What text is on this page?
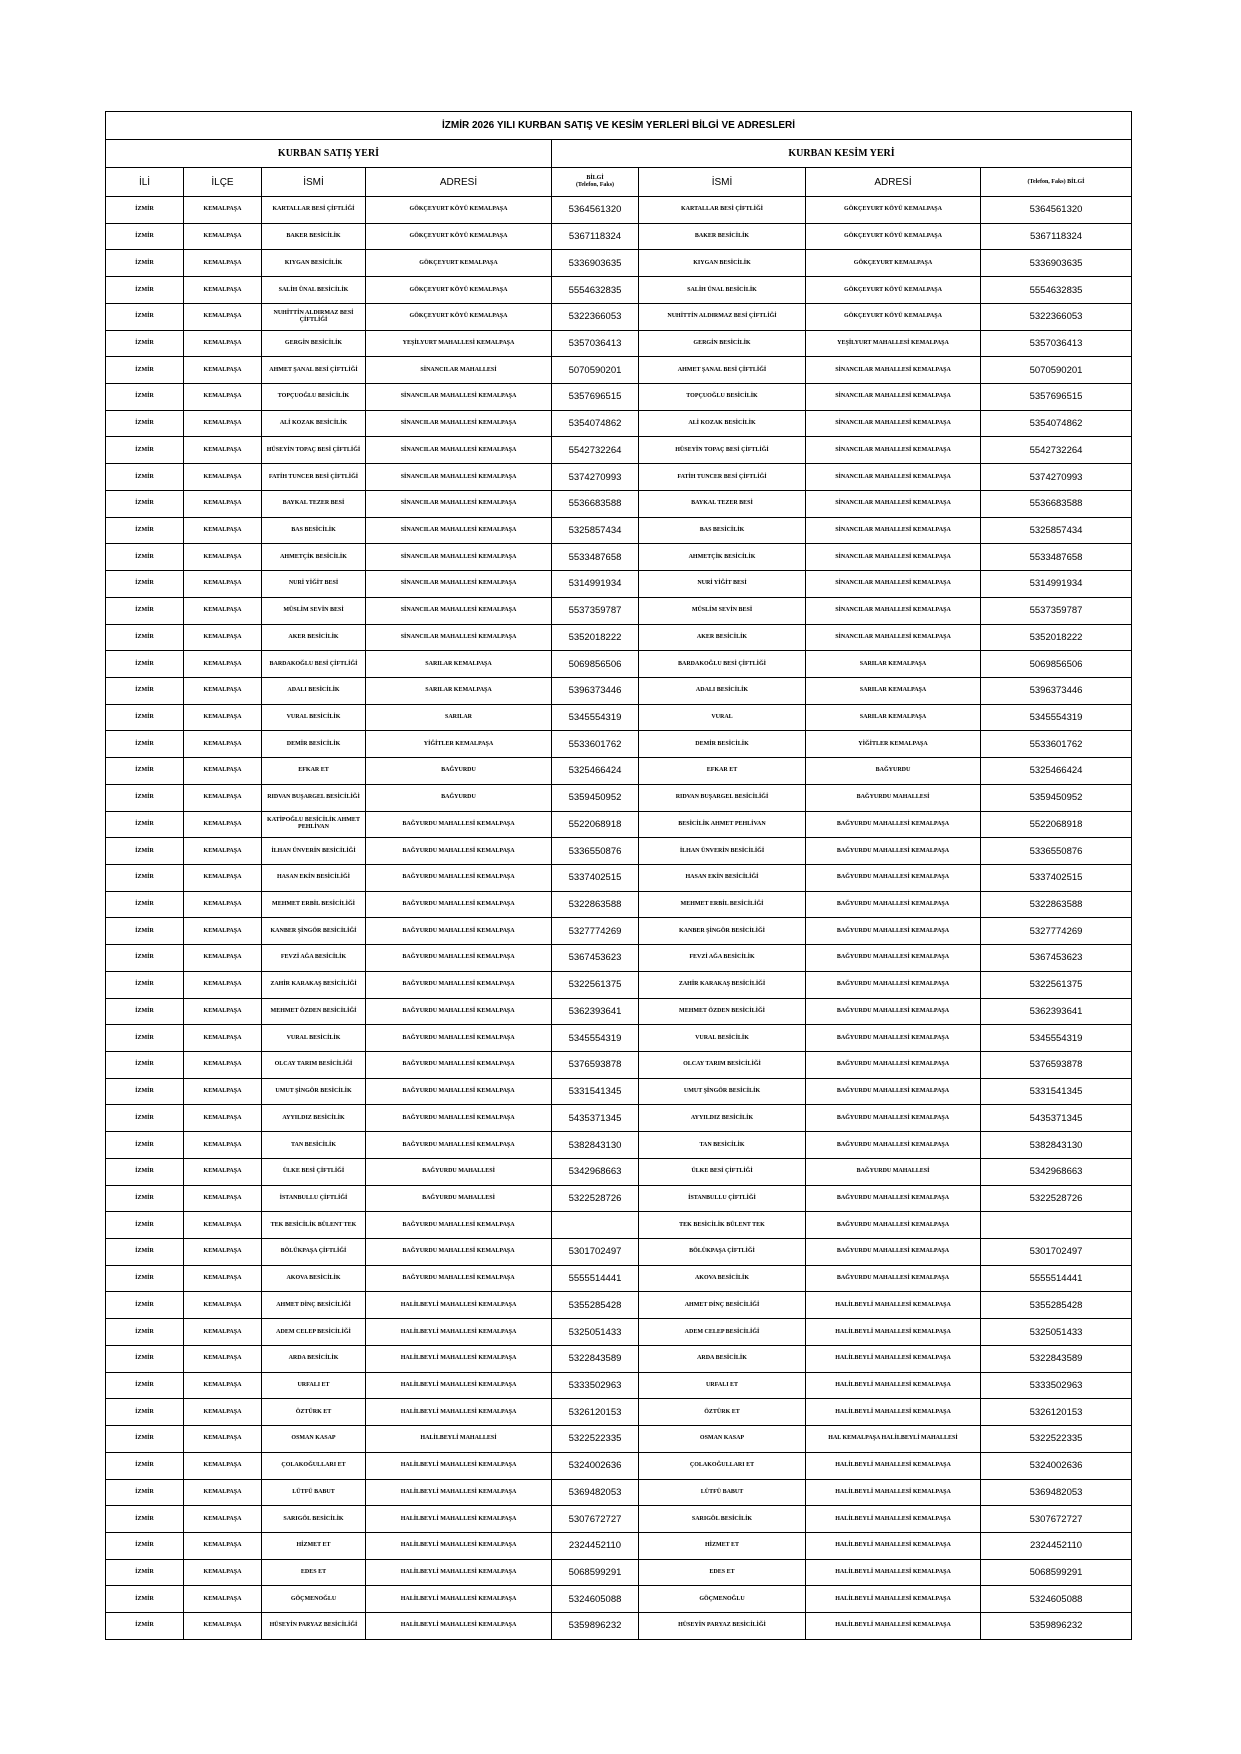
İZMİR 2026 YILI KURBAN SATIŞ VE KESİM YERLERİ BİLGİ VE ADRESLERİ							
KURBAN SATIŞ YERİ				KURBAN KESİM YERİ			
İLİ	İLÇE	İSMİ	ADRESİ	BİLGİ
(Telefon, Faks)	İSMİ	ADRESİ	(Telefon, Faks) BİLGİ
İZMİR	KEMALPAŞA	KARTALLAR BESİ ÇİFTLİĞİ	GÖKÇEYURT KÖYÜ KEMALPAŞA	5364561320	KARTALLAR BESİ ÇİFTLİĞİ	GÖKÇEYURT KÖYÜ KEMALPAŞA	5364561320
İZMİR	KEMALPAŞA	BAKER BESİCİLİK	GÖKÇEYURT KÖYÜ KEMALPAŞA	5367118324	BAKER BESİCİLİK	GÖKÇEYURT KÖYÜ KEMALPAŞA	5367118324
İZMİR	KEMALPAŞA	KIYGAN BESİCİLİK	GÖKÇEYURT KEMALPAŞA	5336903635	KIYGAN BESİCİLİK	GÖKÇEYURT KEMALPAŞA	5336903635
İZMİR	KEMALPAŞA	SALİH ÜNAL BESİCİLİK	GÖKÇEYURT KÖYÜ KEMALPAŞA	5554632835	SALİH ÜNAL BESİCİLİK	GÖKÇEYURT KÖYÜ KEMALPAŞA	5554632835
İZMİR	KEMALPAŞA	NUHİTTİN ALDIRMAZ BESİ ÇİFTLİĞİ	GÖKÇEYURT KÖYÜ KEMALPAŞA	5322366053	NUHİTTİN ALDIRMAZ BESİ ÇİFTLİĞİ	GÖKÇEYURT KÖYÜ KEMALPAŞA	5322366053
İZMİR	KEMALPAŞA	GERGİN BESİCİLİK	YEŞİLYURT MAHALLESİ KEMALPAŞA	5357036413	GERGİN BESİCİLİK	YEŞİLYURT MAHALLESİ KEMALPAŞA	5357036413
İZMİR	KEMALPAŞA	AHMET ŞANAL BESİ ÇİFTLİĞİ	SİNANCILAR MAHALLESİ	5070590201	AHMET ŞANAL BESİ ÇİFTLİĞİ	SİNANCILAR MAHALLESİ KEMALPAŞA	5070590201
İZMİR	KEMALPAŞA	TOPÇUOĞLU BESİCİLİK	SİNANCILAR MAHALLESİ KEMALPAŞA	5357696515	TOPÇUOĞLU BESİCİLİK	SİNANCILAR MAHALLESİ KEMALPAŞA	5357696515
İZMİR	KEMALPAŞA	ALİ KOZAK BESİCİLİK	SİNANCILAR MAHALLESİ KEMALPAŞA	5354074862	ALİ KOZAK BESİCİLİK	SİNANCILAR MAHALLESİ KEMALPAŞA	5354074862
İZMİR	KEMALPAŞA	HÜSEYİN TOPAÇ BESİ ÇİFTLİĞİ	SİNANCILAR MAHALLESİ KEMALPAŞA	5542732264	HÜSEYİN TOPAÇ BESİ ÇİFTLİĞİ	SİNANCILAR MAHALLESİ KEMALPAŞA	5542732264
İZMİR	KEMALPAŞA	FATİH TUNCER BESİ ÇİFTLİĞİ	SİNANCILAR MAHALLESİ KEMALPAŞA	5374270993	FATİH TUNCER BESİ ÇİFTLİĞİ	SİNANCILAR MAHALLESİ KEMALPAŞA	5374270993
İZMİR	KEMALPAŞA	BAYKAL TEZER BESİ	SİNANCILAR MAHALLESİ KEMALPAŞA	5536683588	BAYKAL TEZER BESİ	SİNANCILAR MAHALLESİ KEMALPAŞA	5536683588
İZMİR	KEMALPAŞA	BAS BESİCİLİK	SİNANCILAR MAHALLESİ KEMALPAŞA	5325857434	BAS BESİCİLİK	SİNANCILAR MAHALLESİ KEMALPAŞA	5325857434
İZMİR	KEMALPAŞA	AHMETÇİK BESİCİLİK	SİNANCILAR MAHALLESİ KEMALPAŞA	5533487658	AHMETÇİK BESİCİLİK	SİNANCILAR MAHALLESİ KEMALPAŞA	5533487658
İZMİR	KEMALPAŞA	NURİ YİĞİT BESİ	SİNANCILAR MAHALLESİ KEMALPAŞA	5314991934	NURİ YİĞİT BESİ	SİNANCILAR MAHALLESİ KEMALPAŞA	5314991934
İZMİR	KEMALPAŞA	MÜSLİM SEVİN BESİ	SİNANCILAR MAHALLESİ KEMALPAŞA	5537359787	MÜSLİM SEVİN BESİ	SİNANCILAR MAHALLESİ KEMALPAŞA	5537359787
İZMİR	KEMALPAŞA	AKER BESİCİLİK	SİNANCILAR MAHALLESİ KEMALPAŞA	5352018222	AKER BESİCİLİK	SİNANCILAR MAHALLESİ KEMALPAŞA	5352018222
İZMİR	KEMALPAŞA	BARDAKOĞLU BESİ ÇİFTLİĞİ	SARILAR KEMALPAŞA	5069856506	BARDAKOĞLU BESİ ÇİFTLİĞİ	SARILAR KEMALPAŞA	5069856506
İZMİR	KEMALPAŞA	ADALI BESİCİLİK	SARILAR KEMALPAŞA	5396373446	ADALI BESİCİLİK	SARILAR KEMALPAŞA	5396373446
İZMİR	KEMALPAŞA	VURAL BESİCİLİK	SARILAR	5345554319	VURAL	SARILAR KEMALPAŞA	5345554319
İZMİR	KEMALPAŞA	DEMİR BESİCİLİK	YİĞİTLER KEMALPAŞA	5533601762	DEMİR BESİCİLİK	YİĞİTLER KEMALPAŞA	5533601762
İZMİR	KEMALPAŞA	EFKAR ET	BAĞYURDU	5325466424	EFKAR ET	BAĞYURDU	5325466424
İZMİR	KEMALPAŞA	RIDVAN BUŞARGEL BESİCİLİĞİ	BAĞYURDU	5359450952	RIDVAN BUŞARGEL BESİCİLİĞİ	BAĞYURDU MAHALLESİ	5359450952
İZMİR	KEMALPAŞA	KATİPOĞLU BESİCİLİK AHMET PEHLİVAN	BAĞYURDU MAHALLESİ KEMALPAŞA	5522068918	BESİCİLİK AHMET PEHLİVAN	BAĞYURDU MAHALLESİ KEMALPAŞA	5522068918
İZMİR	KEMALPAŞA	İLHAN ÜNVERİN BESİCİLİĞİ	BAĞYURDU MAHALLESİ KEMALPAŞA	5336550876	İLHAN ÜNVERİN BESİCİLİĞİ	BAĞYURDU MAHALLESİ KEMALPAŞA	5336550876
İZMİR	KEMALPAŞA	HASAN EKİN BESİCİLİĞİ	BAĞYURDU MAHALLESİ KEMALPAŞA	5337402515	HASAN EKİN BESİCİLİĞİ	BAĞYURDU MAHALLESİ KEMALPAŞA	5337402515
İZMİR	KEMALPAŞA	MEHMET ERBİL BESİCİLİĞİ	BAĞYURDU MAHALLESİ KEMALPAŞA	5322863588	MEHMET ERBİL BESİCİLİĞİ	BAĞYURDU MAHALLESİ KEMALPAŞA	5322863588
İZMİR	KEMALPAŞA	KANBER ŞİNGÖR BESİCİLİĞİ	BAĞYURDU MAHALLESİ KEMALPAŞA	5327774269	KANBER ŞİNGÖR BESİCİLİĞİ	BAĞYURDU MAHALLESİ KEMALPAŞA	5327774269
İZMİR	KEMALPAŞA	FEVZİ AĞA BESİCİLİK	BAĞYURDU MAHALLESİ KEMALPAŞA	5367453623	FEVZİ AĞA BESİCİLİK	BAĞYURDU MAHALLESİ KEMALPAŞA	5367453623
İZMİR	KEMALPAŞA	ZAHİR KARAKAŞ BESİCİLİĞİ	BAĞYURDU MAHALLESİ KEMALPAŞA	5322561375	ZAHİR KARAKAŞ BESİCİLİĞİ	BAĞYURDU MAHALLESİ KEMALPAŞA	5322561375
İZMİR	KEMALPAŞA	MEHMET ÖZDEN BESİCİLİĞİ	BAĞYURDU MAHALLESİ KEMALPAŞA	5362393641	MEHMET ÖZDEN BESİCİLİĞİ	BAĞYURDU MAHALLESİ KEMALPAŞA	5362393641
İZMİR	KEMALPAŞA	VURAL BESİCİLİK	BAĞYURDU MAHALLESİ KEMALPAŞA	5345554319	VURAL BESİCİLİK	BAĞYURDU MAHALLESİ KEMALPAŞA	5345554319
İZMİR	KEMALPAŞA	OLCAY TARIM BESİCİLİĞİ	BAĞYURDU MAHALLESİ KEMALPAŞA	5376593878	OLCAY TARIM BESİCİLİĞİ	BAĞYURDU MAHALLESİ KEMALPAŞA	5376593878
İZMİR	KEMALPAŞA	UMUT ŞİNGÖR BESİCİLİK	BAĞYURDU MAHALLESİ KEMALPAŞA	5331541345	UMUT ŞİNGÖR BESİCİLİK	BAĞYURDU MAHALLESİ KEMALPAŞA	5331541345
İZMİR	KEMALPAŞA	AYYILDIZ BESİCİLİK	BAĞYURDU MAHALLESİ KEMALPAŞA	5435371345	AYYILDIZ BESİCİLİK	BAĞYURDU MAHALLESİ KEMALPAŞA	5435371345
İZMİR	KEMALPAŞA	TAN BESİCİLİK	BAĞYURDU MAHALLESİ KEMALPAŞA	5382843130	TAN BESİCİLİK	BAĞYURDU MAHALLESİ KEMALPAŞA	5382843130
İZMİR	KEMALPAŞA	ÜLKE BESİ ÇİFTLİĞİ	BAĞYURDU MAHALLESİ	5342968663	ÜLKE BESİ ÇİFTLİĞİ	BAĞYURDU MAHALLESİ	5342968663
İZMİR	KEMALPAŞA	İSTANBULLU ÇİFTLİĞİ	BAĞYURDU MAHALLESİ	5322528726	İSTANBULLU ÇİFTLİĞİ	BAĞYURDU MAHALLESİ KEMALPAŞA	5322528726
İZMİR	KEMALPAŞA	TEK BESİCİLİK BÜLENT TEK	BAĞYURDU MAHALLESİ KEMALPAŞA		TEK BESİCİLİK BÜLENT TEK	BAĞYURDU MAHALLESİ KEMALPAŞA	
İZMİR	KEMALPAŞA	BÖLÜKPAŞA ÇİFTLİĞİ	BAĞYURDU MAHALLESİ KEMALPAŞA	5301702497	BÖLÜKPAŞA ÇİFTLİĞİ	BAĞYURDU MAHALLESİ KEMALPAŞA	5301702497
İZMİR	KEMALPAŞA	AKOVA BESİCİLİK	BAĞYURDU MAHALLESİ KEMALPAŞA	5555514441	AKOVA BESİCİLİK	BAĞYURDU MAHALLESİ KEMALPAŞA	5555514441
İZMİR	KEMALPAŞA	AHMET DİNÇ BESİCİLİĞİ	HALİLBEYLİ MAHALLESİ KEMALPAŞA	5355285428	AHMET DİNÇ BESİCİLİĞİ	HALİLBEYLİ MAHALLESİ KEMALPAŞA	5355285428
İZMİR	KEMALPAŞA	ADEM CELEP BESİCİLİĞİ	HALİLBEYLİ MAHALLESİ KEMALPAŞA	5325051433	ADEM CELEP BESİCİLİĞİ	HALİLBEYLİ MAHALLESİ KEMALPAŞA	5325051433
İZMİR	KEMALPAŞA	ARDA BESİCİLİK	HALİLBEYLİ MAHALLESİ KEMALPAŞA	5322843589	ARDA BESİCİLİK	HALİLBEYLİ MAHALLESİ KEMALPAŞA	5322843589
İZMİR	KEMALPAŞA	URFALI ET	HALİLBEYLİ MAHALLESİ KEMALPAŞA	5333502963	URFALI ET	HALİLBEYLİ MAHALLESİ KEMALPAŞA	5333502963
İZMİR	KEMALPAŞA	ÖZTÜRK ET	HALİLBEYLİ MAHALLESİ KEMALPAŞA	5326120153	ÖZTÜRK ET	HALİLBEYLİ MAHALLESİ KEMALPAŞA	5326120153
İZMİR	KEMALPAŞA	OSMAN KASAP	HALİLBEYLİ MAHALLESİ	5322522335	OSMAN KASAP	HAL KEMALPAŞA HALİLBEYLİ MAHALLESİ	5322522335
İZMİR	KEMALPAŞA	ÇOLAKOĞULLARI ET	HALİLBEYLİ MAHALLESİ KEMALPAŞA	5324002636	ÇOLAKOĞULLARI ET	HALİLBEYLİ MAHALLESİ KEMALPAŞA	5324002636
İZMİR	KEMALPAŞA	LÜTFÜ BABUT	HALİLBEYLİ MAHALLESİ KEMALPAŞA	5369482053	LÜTFÜ BABUT	HALİLBEYLİ MAHALLESİ KEMALPAŞA	5369482053
İZMİR	KEMALPAŞA	SARIGÖL BESİCİLİK	HALİLBEYLİ MAHALLESİ KEMALPAŞA	5307672727	SARIGÖL BESİCİLİK	HALİLBEYLİ MAHALLESİ KEMALPAŞA	5307672727
İZMİR	KEMALPAŞA	HİZMET ET	HALİLBEYLİ MAHALLESİ KEMALPAŞA	2324452110	HİZMET ET	HALİLBEYLİ MAHALLESİ KEMALPAŞA	2324452110
İZMİR	KEMALPAŞA	EDES ET	HALİLBEYLİ MAHALLESİ KEMALPAŞA	5068599291	EDES ET	HALİLBEYLİ MAHALLESİ KEMALPAŞA	5068599291
İZMİR	KEMALPAŞA	GÖÇMENOĞLU	HALİLBEYLİ MAHALLESİ KEMALPAŞA	5324605088	GÖÇMENOĞLU	HALİLBEYLİ MAHALLESİ KEMALPAŞA	5324605088
İZMİR	KEMALPAŞA	HÜSEYİN PARYAZ BESİCİLİĞİ	HALİLBEYLİ MAHALLESİ KEMALPAŞA	5359896232	HÜSEYİN PARYAZ BESİCİLİĞİ	HALİLBEYLİ MAHALLESİ KEMALPAŞA	5359896232
